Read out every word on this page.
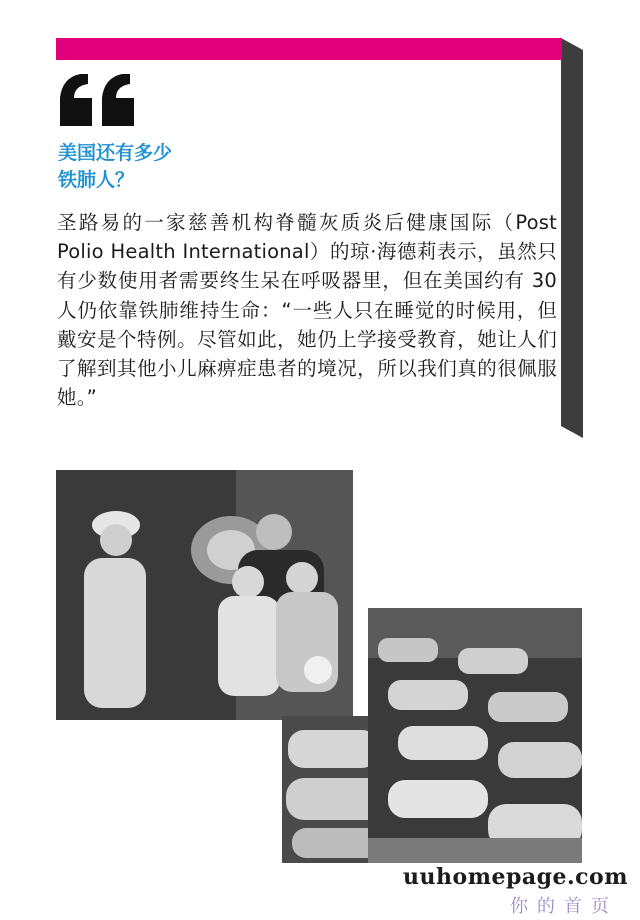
美国还有多少
铁肺人？
圣路易的一家慈善机构脊髓灰质炎后健康国际（Post Polio Health International）的琼·海德莉表示，虽然只有少数使用者需要终生呆在呼吸器里，但在美国约有 30 人仍依靠铁肺维持生命：“一些人只在睡觉的时候用，但戴安是个特例。尽管如此，她仍上学接受教育，她让人们了解到其他小儿麻痹症患者的境况，所以我们真的很佩服她。”
uuhomepage.com
你的首页
